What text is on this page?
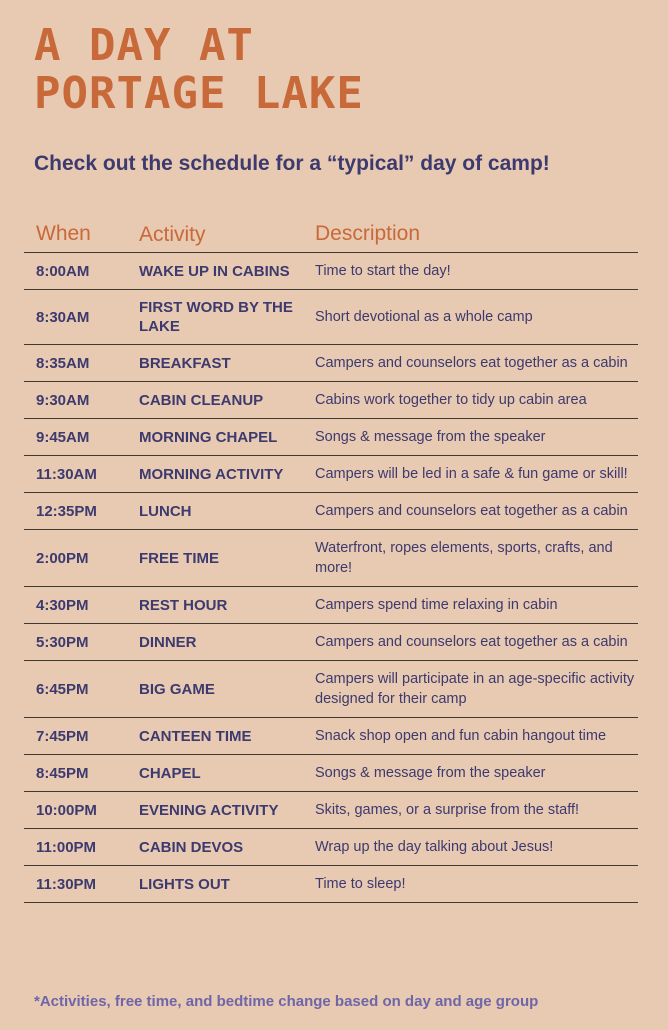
A DAY AT
PORTAGE LAKE

Check out the schedule for a “typical” day of camp!

When	Activity	Description
8:00AM	WAKE UP IN CABINS	Time to start the day!
8:30AM	FIRST WORD BY THE LAKE	Short devotional as a whole camp
8:35AM	BREAKFAST	Campers and counselors eat together as a cabin
9:30AM	CABIN CLEANUP	Cabins work together to tidy up cabin area
9:45AM	MORNING CHAPEL	Songs & message from the speaker
11:30AM	MORNING ACTIVITY	Campers will be led in a safe & fun game or skill!
12:35PM	LUNCH	Campers and counselors eat together as a cabin
2:00PM	FREE TIME	Waterfront, ropes elements, sports, crafts, and more!
4:30PM	REST HOUR	Campers spend time relaxing in cabin
5:30PM	DINNER	Campers and counselors eat together as a cabin
6:45PM	BIG GAME	Campers will participate in an age-specific activity designed for their camp
7:45PM	CANTEEN TIME	Snack shop open and fun cabin hangout time
8:45PM	CHAPEL	Songs & message from the speaker
10:00PM	EVENING ACTIVITY	Skits, games, or a surprise from the staff!
11:00PM	CABIN DEVOS	Wrap up the day talking about Jesus!
11:30PM	LIGHTS OUT	Time to sleep!

*Activities, free time, and bedtime change based on day and age group
